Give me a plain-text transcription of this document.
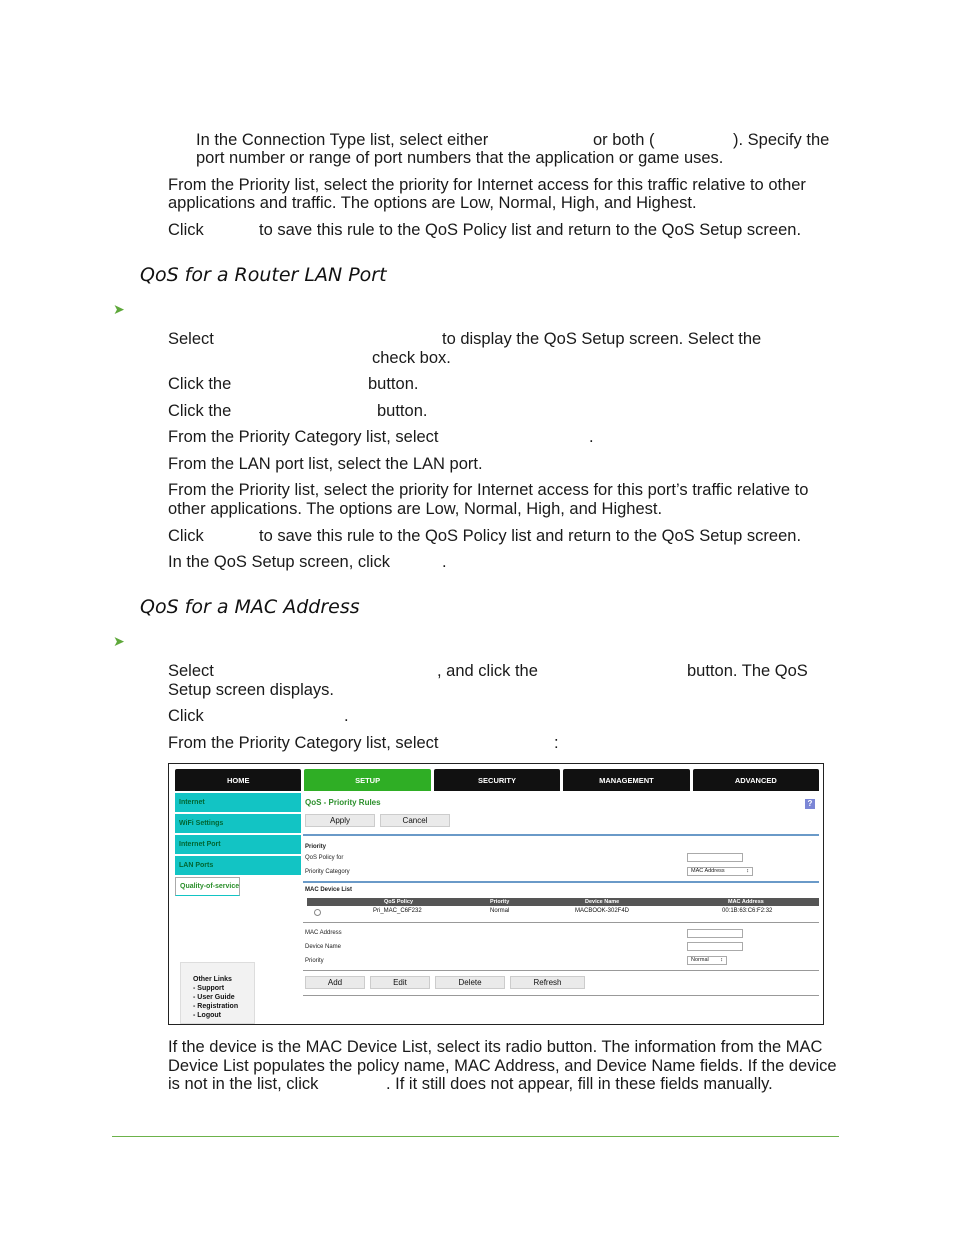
In the Connection Type list, select either	or both (	). Specify the
port number or range of port numbers that the application or game uses.
From the Priority list, select the priority for Internet access for this traffic relative to other
applications and traffic. The options are Low, Normal, High, and Highest.
Click	to save this rule to the QoS Policy list and return to the QoS Setup screen.
QoS for a Router LAN Port
➤
Select	to display the QoS Setup screen. Select the
check box.
Click the	button.
Click the	button.
From the Priority Category list, select	.
From the LAN port list, select the LAN port.
From the Priority list, select the priority for Internet access for this port’s traffic relative to
other applications. The options are Low, Normal, High, and Highest.
Click	to save this rule to the QoS Policy list and return to the QoS Setup screen.
In the QoS Setup screen, click	.
QoS for a MAC Address
➤
Select	, and click the	button. The QoS
Setup screen displays.
Click	.
From the Priority Category list, select	:
HOME	SETUP	SECURITY	MANAGEMENT	ADVANCED
Internet
WiFi Settings
Internet Port
LAN Ports
Quality-of-service
Other Links
- Support
- User Guide
- Registration
- Logout
QoS - Priority Rules	?
Apply	Cancel
Priority
QoS Policy for
Priority Category	MAC Address	↕
MAC Device List
QoS Policy	Priority	Device Name	MAC Address
Pri_MAC_C6F232	Normal	MACBOOK-302F4D	00:1B:63:C6:F2:32
MAC Address
Device Name
Priority	Normal ↕
Add	Edit	Delete	Refresh
If the device is the MAC Device List, select its radio button. The information from the MAC
Device List populates the policy name, MAC Address, and Device Name fields. If the device
is not in the list, click	. If it still does not appear, fill in these fields manually.
